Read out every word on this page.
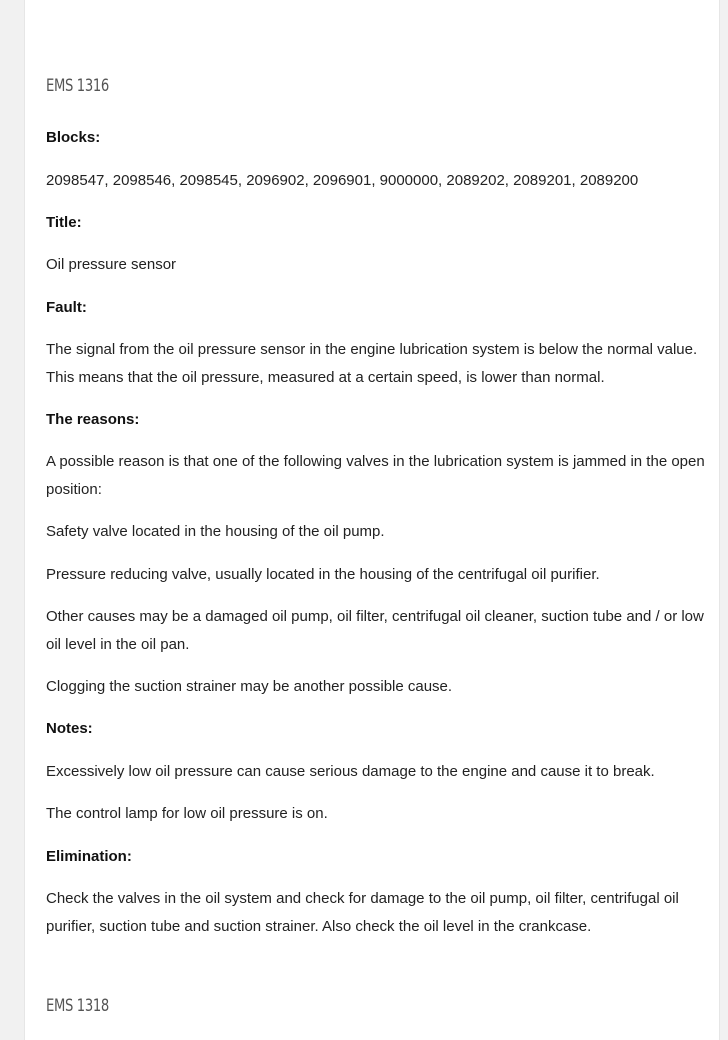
EMS 1316
Blocks:
2098547, 2098546, 2098545, 2096902, 2096901, 9000000, 2089202, 2089201, 2089200
Title:
Oil pressure sensor
Fault:
The signal from the oil pressure sensor in the engine lubrication system is below the normal value. This means that the oil pressure, measured at a certain speed, is lower than normal.
The reasons:
A possible reason is that one of the following valves in the lubrication system is jammed in the open position:
Safety valve located in the housing of the oil pump.
Pressure reducing valve, usually located in the housing of the centrifugal oil purifier.
Other causes may be a damaged oil pump, oil filter, centrifugal oil cleaner, suction tube and / or low oil level in the oil pan.
Clogging the suction strainer may be another possible cause.
Notes:
Excessively low oil pressure can cause serious damage to the engine and cause it to break.
The control lamp for low oil pressure is on.
Elimination:
Check the valves in the oil system and check for damage to the oil pump, oil filter, centrifugal oil purifier, suction tube and suction strainer. Also check the oil level in the crankcase.
EMS 1318
